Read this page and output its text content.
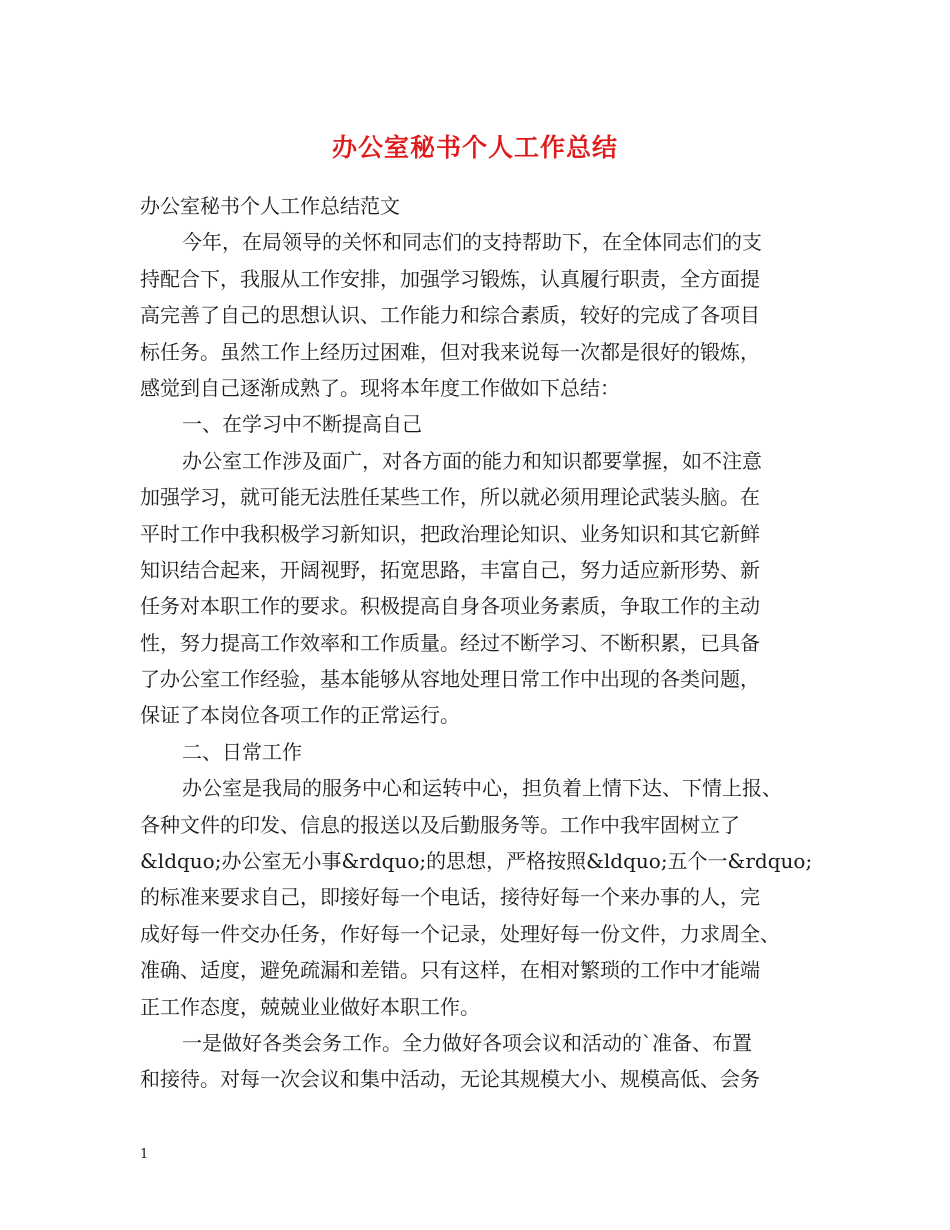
办公室秘书个人工作总结
办公室秘书个人工作总结范文
今年，在局领导的关怀和同志们的支持帮助下，在全体同志们的支
持配合下，我服从工作安排，加强学习锻炼，认真履行职责，全方面提
高完善了自己的思想认识、工作能力和综合素质，较好的完成了各项目
标任务。虽然工作上经历过困难，但对我来说每一次都是很好的锻炼，
感觉到自己逐渐成熟了。现将本年度工作做如下总结：
一、在学习中不断提高自己
办公室工作涉及面广，对各方面的能力和知识都要掌握，如不注意
加强学习，就可能无法胜任某些工作，所以就必须用理论武装头脑。在
平时工作中我积极学习新知识，把政治理论知识、业务知识和其它新鲜
知识结合起来，开阔视野，拓宽思路，丰富自己，努力适应新形势、新
任务对本职工作的要求。积极提高自身各项业务素质，争取工作的主动
性，努力提高工作效率和工作质量。经过不断学习、不断积累，已具备
了办公室工作经验，基本能够从容地处理日常工作中出现的各类问题，
保证了本岗位各项工作的正常运行。
二、日常工作
办公室是我局的服务中心和运转中心，担负着上情下达、下情上报、
各种文件的印发、信息的报送以及后勤服务等。工作中我牢固树立了
&ldquo;办公室无小事&rdquo;的思想，严格按照&ldquo;五个一&rdquo;
的标准来要求自己，即接好每一个电话，接待好每一个来办事的人，完
成好每一件交办任务，作好每一个记录，处理好每一份文件，力求周全、
准确、适度，避免疏漏和差错。只有这样，在相对繁琐的工作中才能端
正工作态度，兢兢业业做好本职工作。
一是做好各类会务工作。全力做好各项会议和活动的`准备、布置
和接待。对每一次会议和集中活动，无论其规模大小、规模高低、会务
1
